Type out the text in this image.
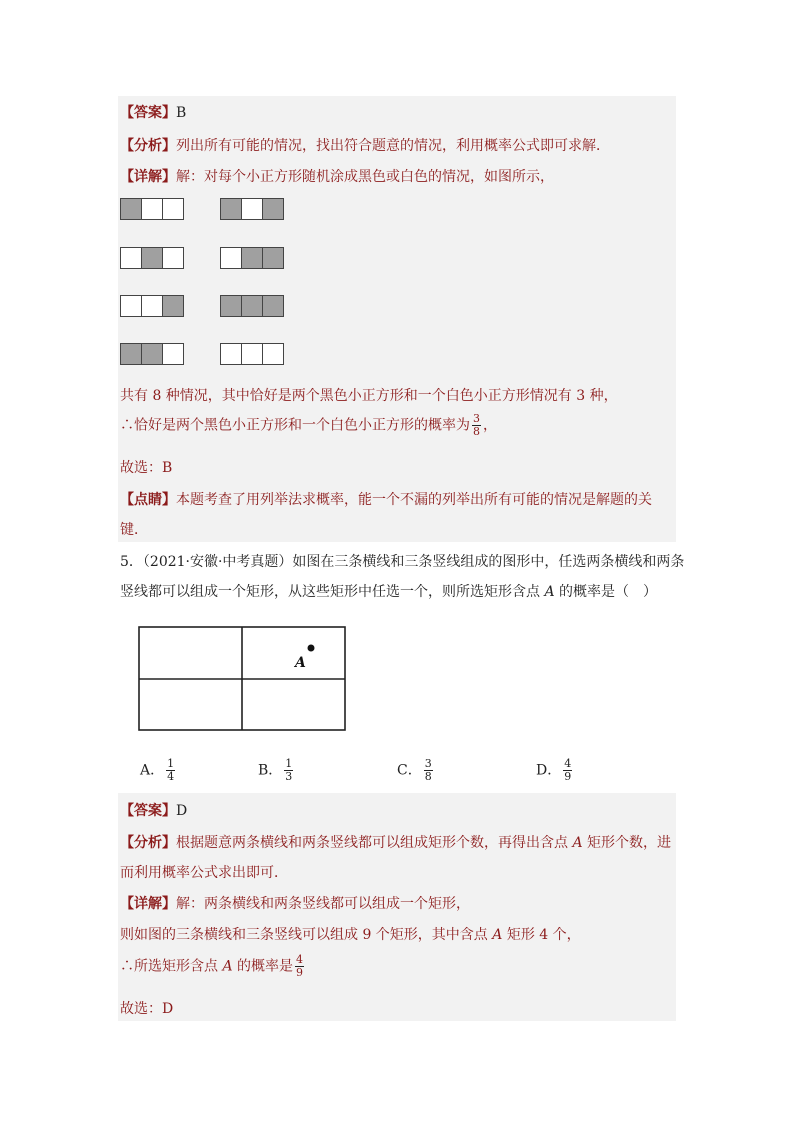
【答案】B
【分析】列出所有可能的情况，找出符合题意的情况，利用概率公式即可求解．
【详解】解：对每个小正方形随机涂成黑色或白色的情况，如图所示，
共有 8 种情况，其中恰好是两个黑色小正方形和一个白色小正方形情况有 3 种，
∴恰好是两个黑色小正方形和一个白色小正方形的概率为 $\frac{3}{8}$ ，
故选：B
【点睛】本题考查了用列举法求概率，能一个不漏的列举出所有可能的情况是解题的关
键．
5．（2021·安徽·中考真题）如图在三条横线和三条竖线组成的图形中，任选两条横线和两条
竖线都可以组成一个矩形，从这些矩形中任选一个，则所选矩形含点 A 的概率是（　）
A
A． $\frac{1}{4}$	B． $\frac{1}{3}$	C． $\frac{3}{8}$	D． $\frac{4}{9}$
【答案】D
【分析】根据题意两条横线和两条竖线都可以组成矩形个数，再得出含点 A 矩形个数，进
而利用概率公式求出即可．
【详解】解：两条横线和两条竖线都可以组成一个矩形，
则如图的三条横线和三条竖线可以组成 9 个矩形，其中含点 A 矩形 4 个，
∴所选矩形含点 A 的概率是 $\frac{4}{9}$
故选：D
